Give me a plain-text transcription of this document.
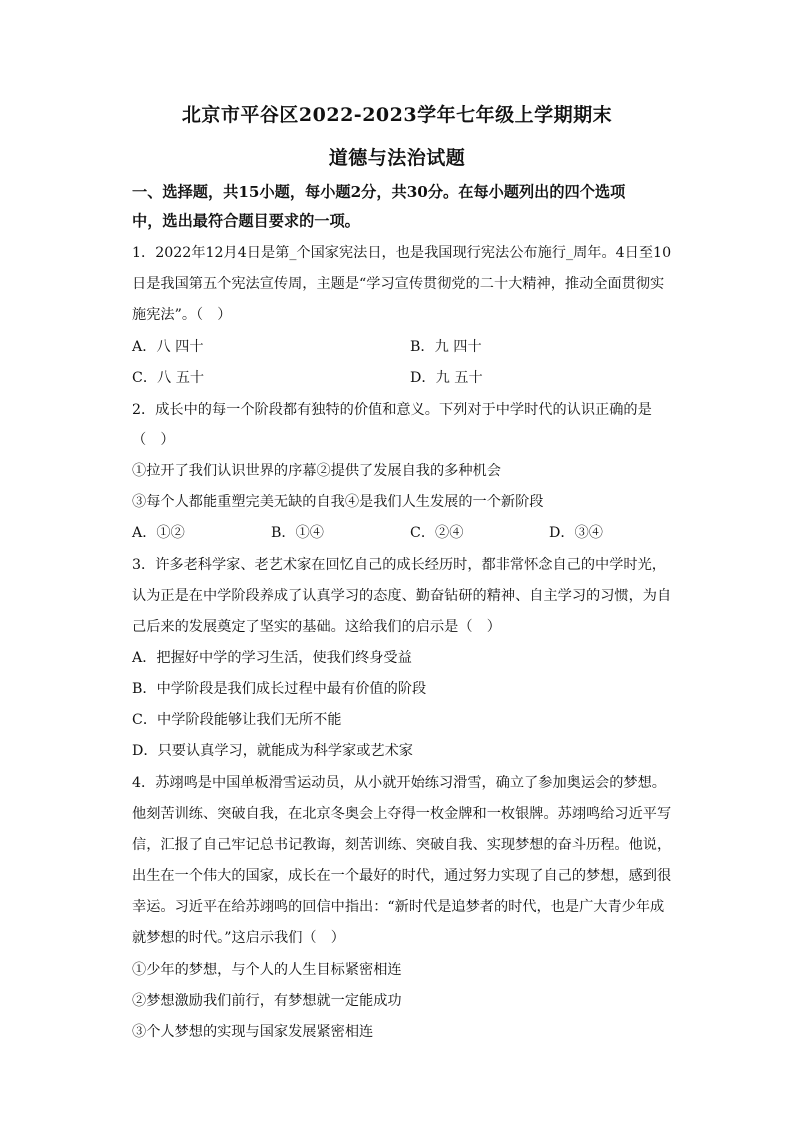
北京市平谷区2022-2023学年七年级上学期期末
道德与法治试题
一、选择题，共15小题，每小题2分，共30分。在每小题列出的四个选项
中，选出最符合题目要求的一项。
1．2022年12月4日是第_个国家宪法日，也是我国现行宪法公布施行_周年。4日至10
日是我国第五个宪法宣传周，主题是“学习宣传贯彻党的二十大精神，推动全面贯彻实
施宪法”。（　）
A．八 四十	B．九 四十
C．八 五十	D．九 五十
2．成长中的每一个阶段都有独特的价值和意义。下列对于中学时代的认识正确的是
（　）
①拉开了我们认识世界的序幕②提供了发展自我的多种机会
③每个人都能重塑完美无缺的自我④是我们人生发展的一个新阶段
A．①②	B．①④	C．②④	D．③④
3．许多老科学家、老艺术家在回忆自己的成长经历时，都非常怀念自己的中学时光，
认为正是在中学阶段养成了认真学习的态度、勤奋钻研的精神、自主学习的习惯，为自
己后来的发展奠定了坚实的基础。这给我们的启示是（　）
A．把握好中学的学习生活，使我们终身受益
B．中学阶段是我们成长过程中最有价值的阶段
C．中学阶段能够让我们无所不能
D．只要认真学习，就能成为科学家或艺术家
4．苏翊鸣是中国单板滑雪运动员，从小就开始练习滑雪，确立了参加奥运会的梦想。
他刻苦训练、突破自我，在北京冬奥会上夺得一枚金牌和一枚银牌。苏翊鸣给习近平写
信，汇报了自己牢记总书记教诲，刻苦训练、突破自我、实现梦想的奋斗历程。他说，
出生在一个伟大的国家，成长在一个最好的时代，通过努力实现了自己的梦想，感到很
幸运。习近平在给苏翊鸣的回信中指出：“新时代是追梦者的时代，也是广大青少年成
就梦想的时代。”这启示我们（　）
①少年的梦想，与个人的人生目标紧密相连
②梦想激励我们前行，有梦想就一定能成功
③个人梦想的实现与国家发展紧密相连
